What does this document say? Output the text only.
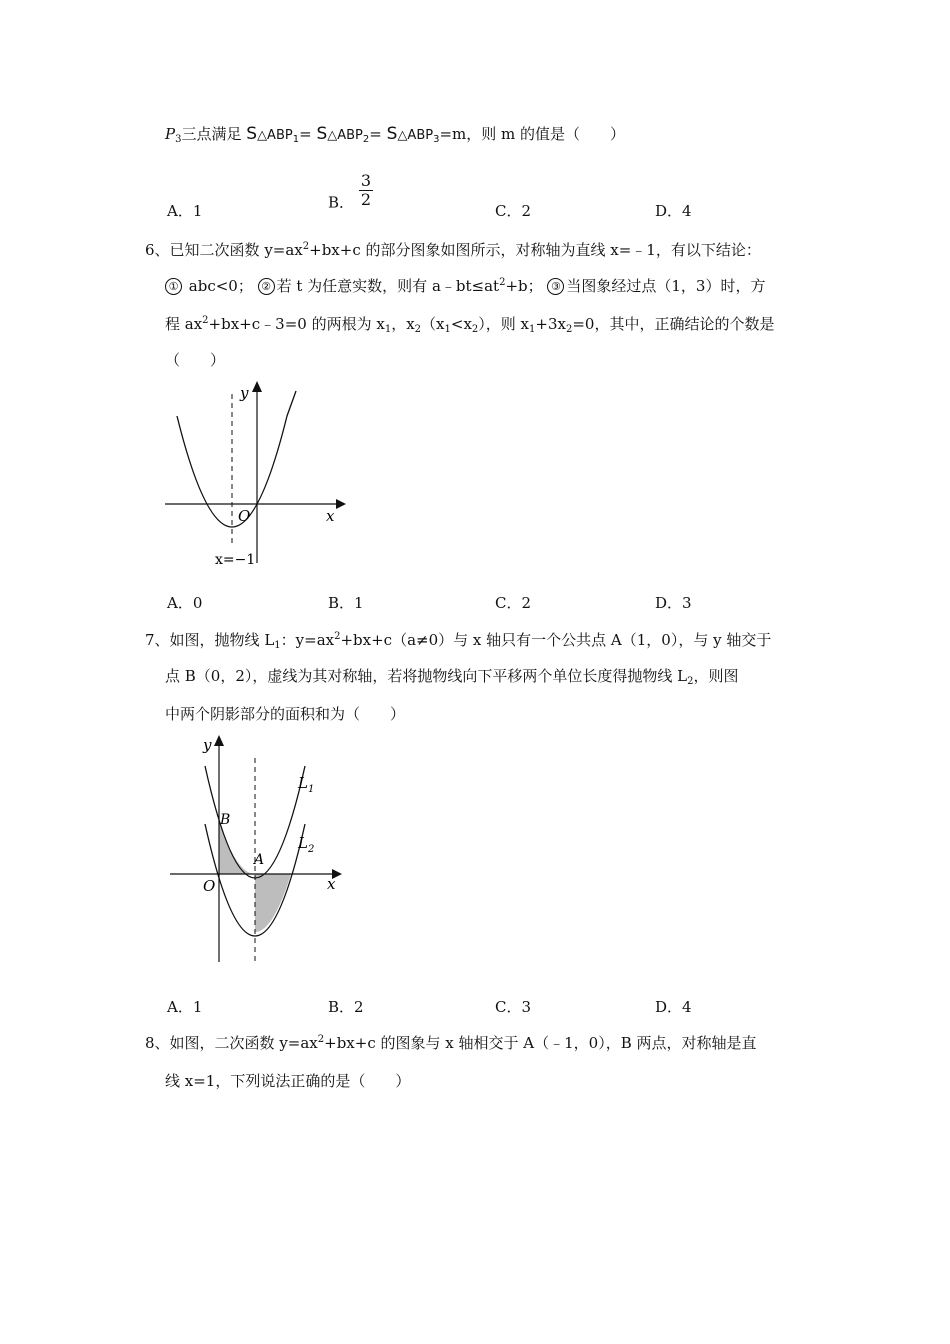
$P_3$三点满足 $S\triangle ABP_1=$ $S\triangle ABP_2=$ $S\triangle ABP_3=m$，则 m 的值是（　　）
A．1	B． $\frac{3}{2}$
C．2	D．4
6、已知二次函数 $y=ax^2+bx+c$ 的部分图象如图所示，对称轴为直线 x=﹣1，有以下结论：
① abc<0； ② 若 t 为任意实数，则有 $a﹣bt\le at^2+b$； ③ 当图象经过点（1，3）时，方
程 $ax^2+bx+c﹣3=0$ 的两根为 $x_1$，$x_2(x_1<x_2)$，则 $x_1+3x_2=0$，其中，正确结论的个数是
（　　）
y
x
O
x=−1
A．0	B．1	C．2	D．3
7、如图，抛物线 $L_1$：$y=ax^2+bx+c(a\ne 0)$与 x 轴只有一个公共点 A（1，0），与 y 轴交于
点 B（0，2），虚线为其对称轴，若将抛物线向下平移两个单位长度得抛物线 $L_2$，则图
中两个阴影部分的面积和为（　　）
y
x
O
A
B
$L_1$
$L_2$
A．1	B．2	C．3	D．4
8、如图，二次函数 $y=ax^2+bx+c$ 的图象与 x 轴相交于 A（﹣1，0），B 两点，对称轴是直
线 x=1，下列说法正确的是（　　）
